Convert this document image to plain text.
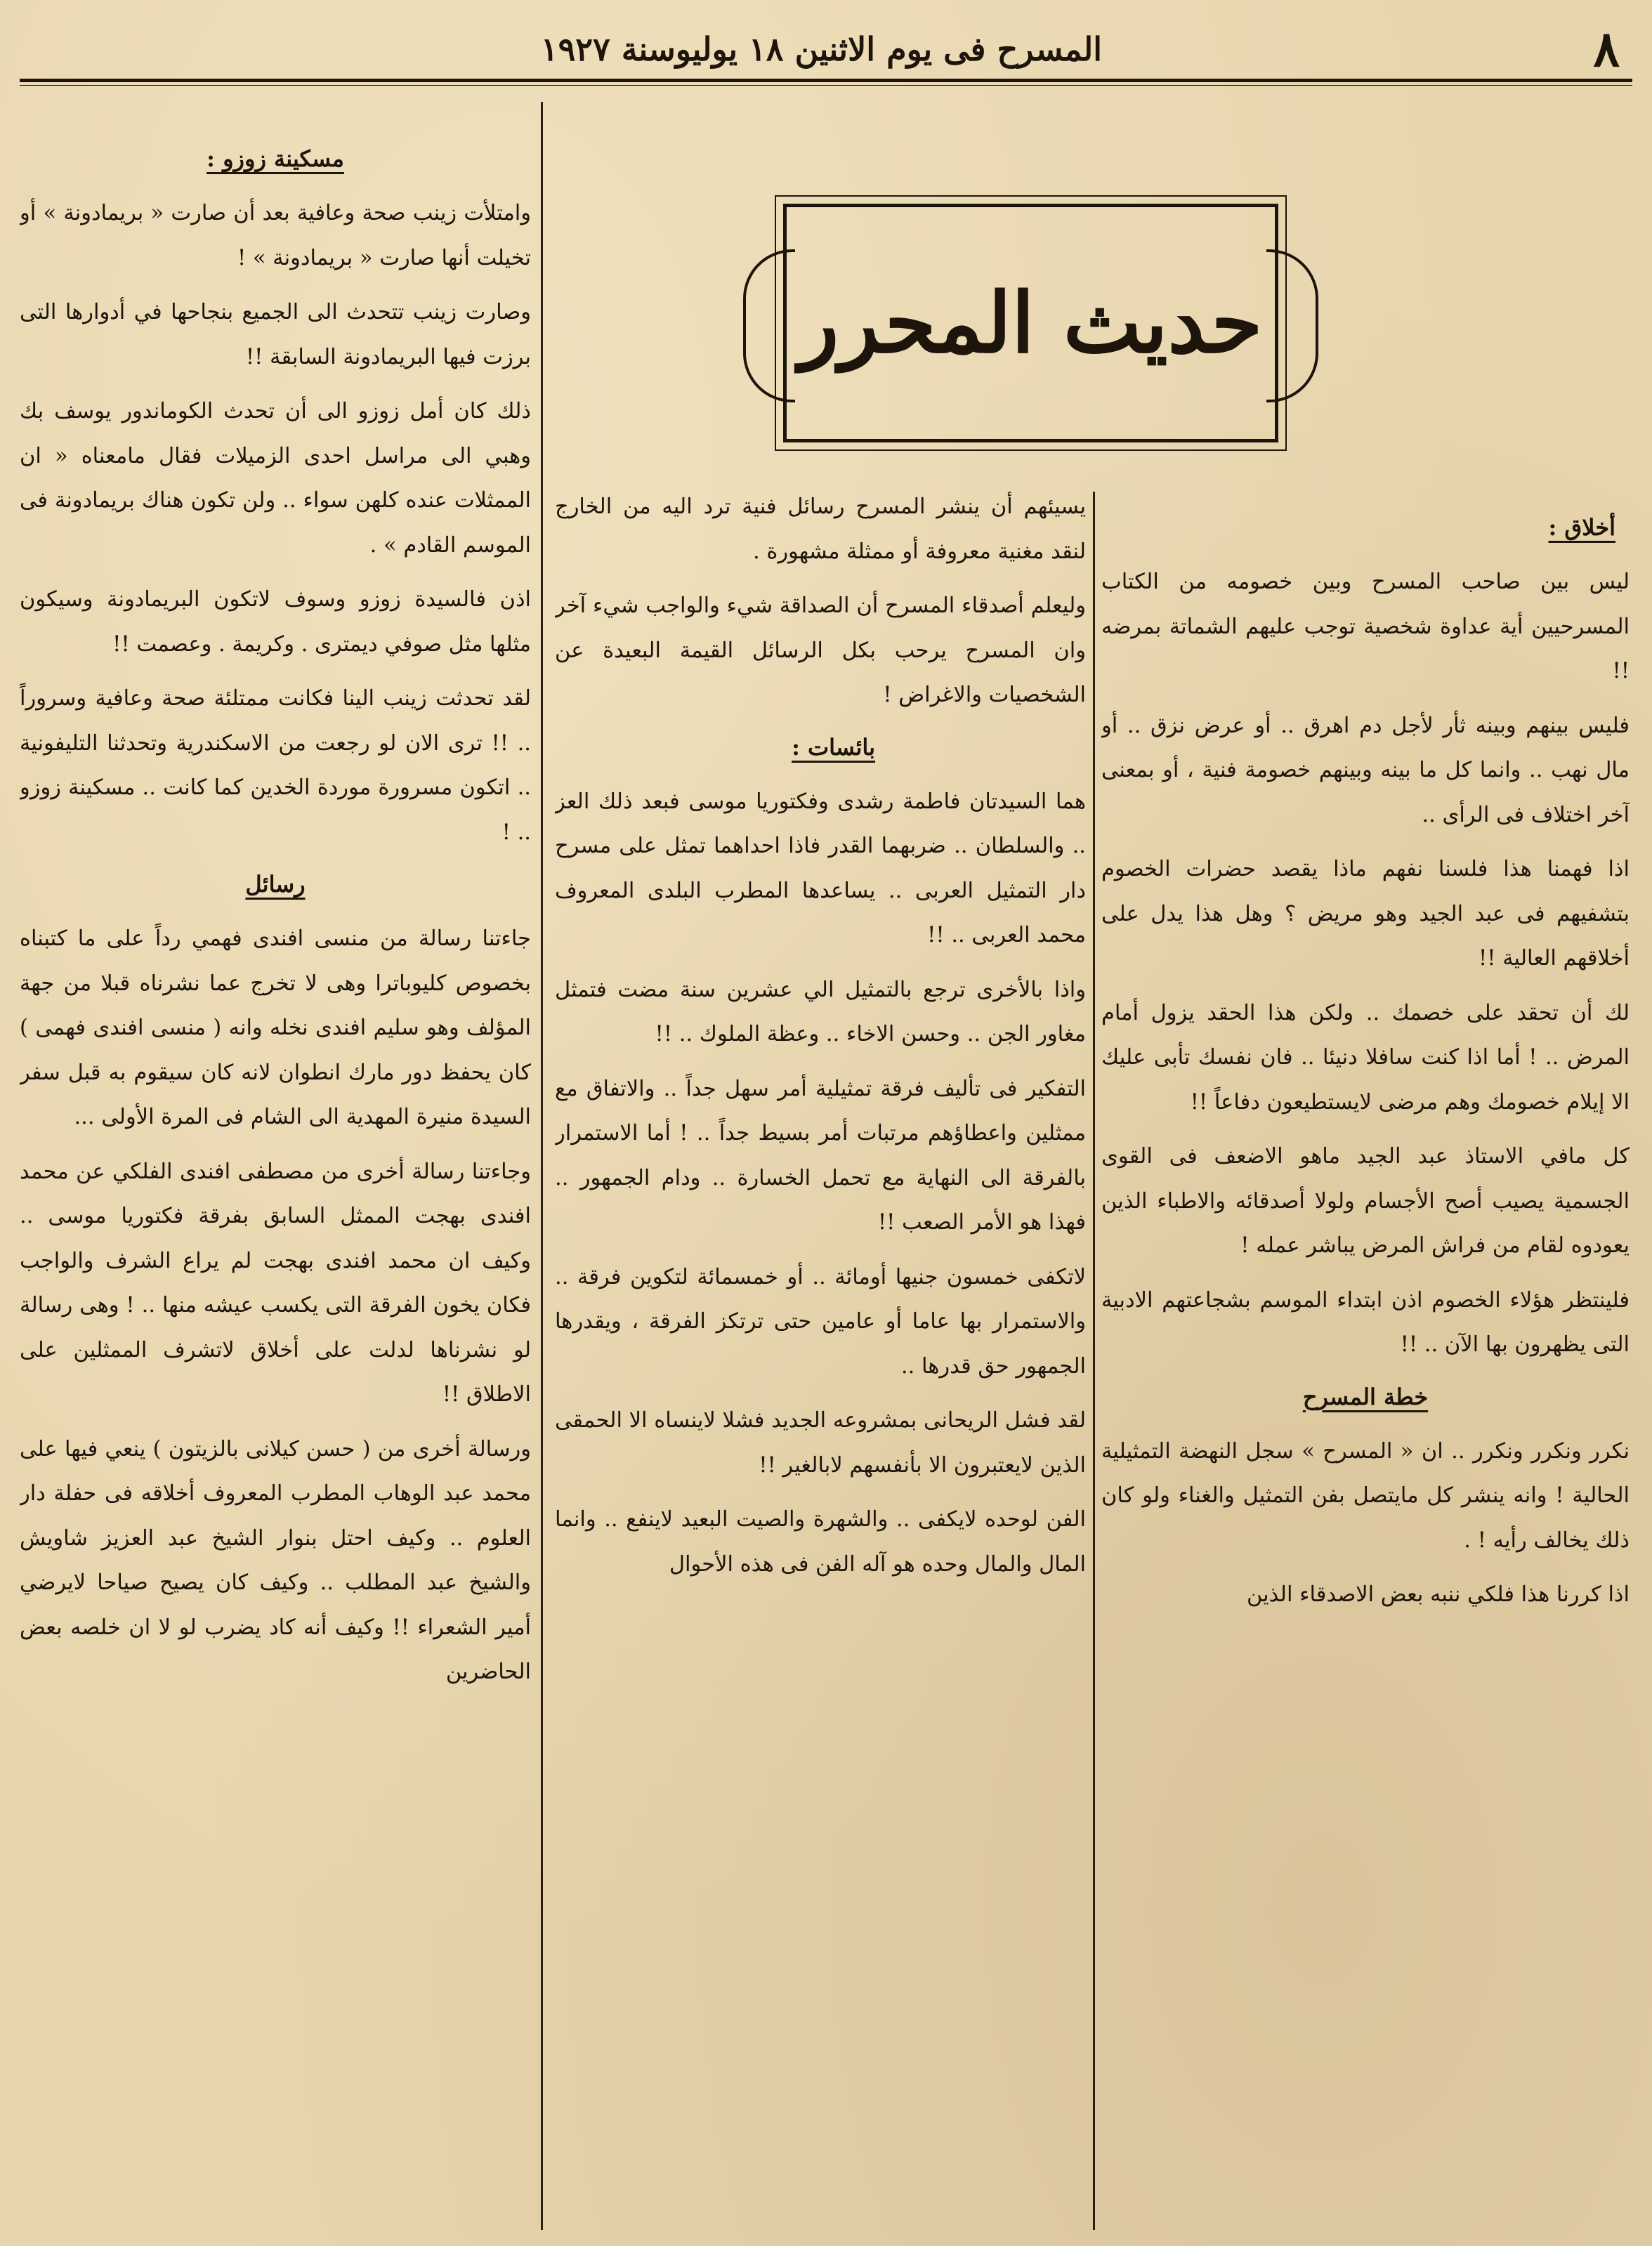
٨
المسرح فى يوم الاثنين ١٨ يوليوسنة ١٩٢٧
حديث المحرر
أخلاق :

ليس بين صاحب المسرح وبين خصومه من الكتاب المسرحيين أية عداوة شخصية توجب عليهم الشماتة بمرضه !!

فليس بينهم وبينه ثأر لأجل دم اهرق .. أو عرض نزق .. أو مال نهب .. وانما كل ما بينه وبينهم خصومة فنية ، أو بمعنى آخر اختلاف فى الرأى ..

اذا فهمنا هذا فلسنا نفهم ماذا يقصد حضرات الخصوم بتشفيهم فى عبد الجيد وهو مريض ؟ وهل هذا يدل على أخلاقهم العالية !!

لك أن تحقد على خصمك .. ولكن هذا الحقد يزول أمام المرض .. ! أما اذا كنت سافلا دنيئا .. فان نفسك تأبى عليك الا إيلام خصومك وهم مرضى لايستطيعون دفاعاً !!

كل مافي الاستاذ عبد الجيد ماهو الاضعف فى القوى الجسمية يصيب أصح الأجسام ولولا أصدقائه والاطباء الذين يعودوه لقام من فراش المرض يباشر عمله !

فلينتظر هؤلاء الخصوم اذن ابتداء الموسم بشجاعتهم الادبية التى يظهرون بها الآن .. !!

خطة المسرح

نكرر ونكرر ونكرر .. ان « المسرح » سجل النهضة التمثيلية الحالية ! وانه ينشر كل مايتصل بفن التمثيل والغناء ولو كان ذلك يخالف رأيه ! .

اذا كررنا هذا فلكي ننبه بعض الاصدقاء الذين

يسيئهم أن ينشر المسرح رسائل فنية ترد اليه من الخارج لنقد مغنية معروفة أو ممثلة مشهورة .

وليعلم أصدقاء المسرح أن الصداقة شيء والواجب شيء آخر وان المسرح يرحب بكل الرسائل القيمة البعيدة عن الشخصيات والاغراض !

بائسات :

هما السيدتان فاطمة رشدى وفكتوريا موسى فبعد ذلك العز .. والسلطان .. ضربهما القدر فاذا احداهما تمثل على مسرح دار التمثيل العربى .. يساعدها المطرب البلدى المعروف محمد العربى .. !!

واذا بالأخرى ترجع بالتمثيل الي عشرين سنة مضت فتمثل مغاور الجن .. وحسن الاخاء .. وعظة الملوك .. !!

التفكير فى تأليف فرقة تمثيلية أمر سهل جداً .. والاتفاق مع ممثلين واعطاؤهم مرتبات أمر بسيط جداً .. ! أما الاستمرار بالفرقة الى النهاية مع تحمل الخسارة .. ودام الجمهور .. فهذا هو الأمر الصعب !!

لاتكفى خمسون جنيها أومائة .. أو خمسمائة لتكوين فرقة .. والاستمرار بها عاما أو عامين حتى ترتكز الفرقة ، ويقدرها الجمهور حق قدرها ..

لقد فشل الريحانى بمشروعه الجديد فشلا لاينساه الا الحمقى الذين لايعتبرون الا بأنفسهم لابالغير !!

الفن لوحده لايكفى .. والشهرة والصيت البعيد لاينفع .. وانما المال والمال وحده هو آله الفن فى هذه الأحوال

مسكينة زوزو :

وامتلأت زينب صحة وعافية بعد أن صارت « بريمادونة » أو تخيلت أنها صارت « بريمادونة » !

وصارت زينب تتحدث الى الجميع بنجاحها في أدوارها التى برزت فيها البريمادونة السابقة !!

ذلك كان أمل زوزو الى أن تحدث الكوماندور يوسف بك وهبي الى مراسل احدى الزميلات فقال مامعناه « ان الممثلات عنده كلهن سواء .. ولن تكون هناك بريمادونة فى الموسم القادم » .

اذن فالسيدة زوزو وسوف لاتكون البريمادونة وسيكون مثلها مثل صوفي ديمترى . وكريمة . وعصمت !!

لقد تحدثت زينب الينا فكانت ممتلئة صحة وعافية وسروراً .. !! ترى الان لو رجعت من الاسكندرية وتحدثنا التليفونية .. اتكون مسرورة موردة الخدين كما كانت .. مسكينة زوزو .. !

رسائل

جاءتنا رسالة من منسى افندى فهمي رداً على ما كتبناه بخصوص كليوباترا وهى لا تخرج عما نشرناه قبلا من جهة المؤلف وهو سليم افندى نخله وانه ( منسى افندى فهمى ) كان يحفظ دور مارك انطوان لانه كان سيقوم به قبل سفر السيدة منيرة المهدية الى الشام فى المرة الأولى ...

وجاءتنا رسالة أخرى من مصطفى افندى الفلكي عن محمد افندى بهجت الممثل السابق بفرقة فكتوريا موسى .. وكيف ان محمد افندى بهجت لم يراع الشرف والواجب فكان يخون الفرقة التى يكسب عيشه منها .. ! وهى رسالة لو نشرناها لدلت على أخلاق لاتشرف الممثلين على الاطلاق !!

ورسالة أخرى من ( حسن كيلانى بالزيتون ) ينعي فيها على محمد عبد الوهاب المطرب المعروف أخلاقه فى حفلة دار العلوم .. وكيف احتل بنوار الشيخ عبد العزيز شاويش والشيخ عبد المطلب .. وكيف كان يصيح صياحا لايرضي أمير الشعراء !! وكيف أنه كاد يضرب لو لا ان خلصه بعض الحاضرين
